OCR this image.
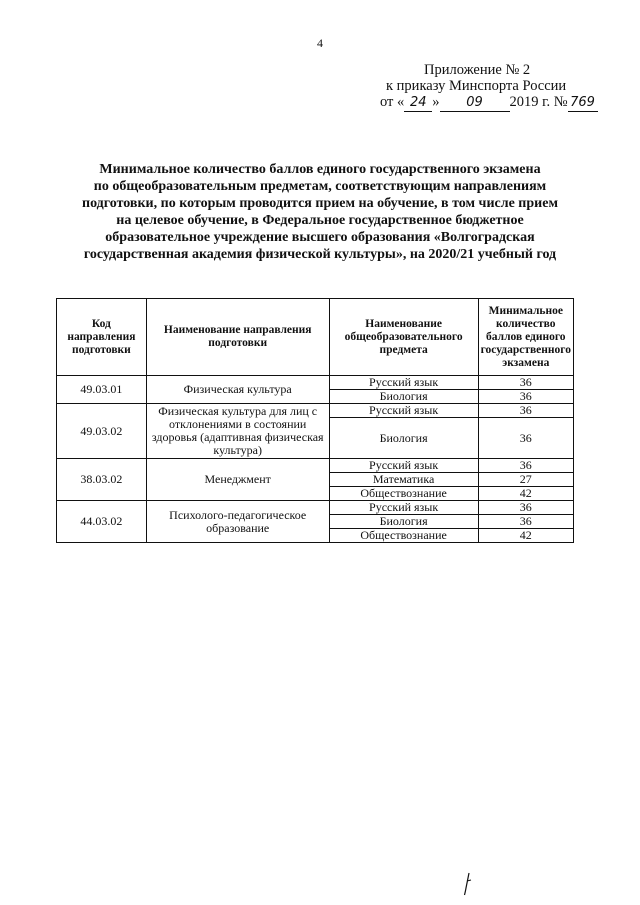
4
Приложение № 2
к приказу Минспорта России
от « 24 » 09 2019 г. № 769
Минимальное количество баллов единого государственного экзамена
по общеобразовательным предметам, соответствующим направлениям
подготовки, по которым проводится прием на обучение, в том числе прием
на целевое обучение, в Федеральное государственное бюджетное
образовательное учреждение высшего образования «Волгоградская
государственная академия физической культуры», на 2020/21 учебный год
Код направления подготовки	Наименование направления подготовки	Наименование общеобразовательного предмета	Минимальное количество баллов единого государственного экзамена
49.03.01	Физическая культура	Русский язык	36
		Биология	36
49.03.02	Физическая культура для лиц с отклонениями в состоянии здоровья (адаптивная физическая культура)	Русский язык	36
		Биология	36
38.03.02	Менеджмент	Русский язык	36
		Математика	27
		Обществознание	42
44.03.02	Психолого-педагогическое образование	Русский язык	36
		Биология	36
		Обществознание	42
